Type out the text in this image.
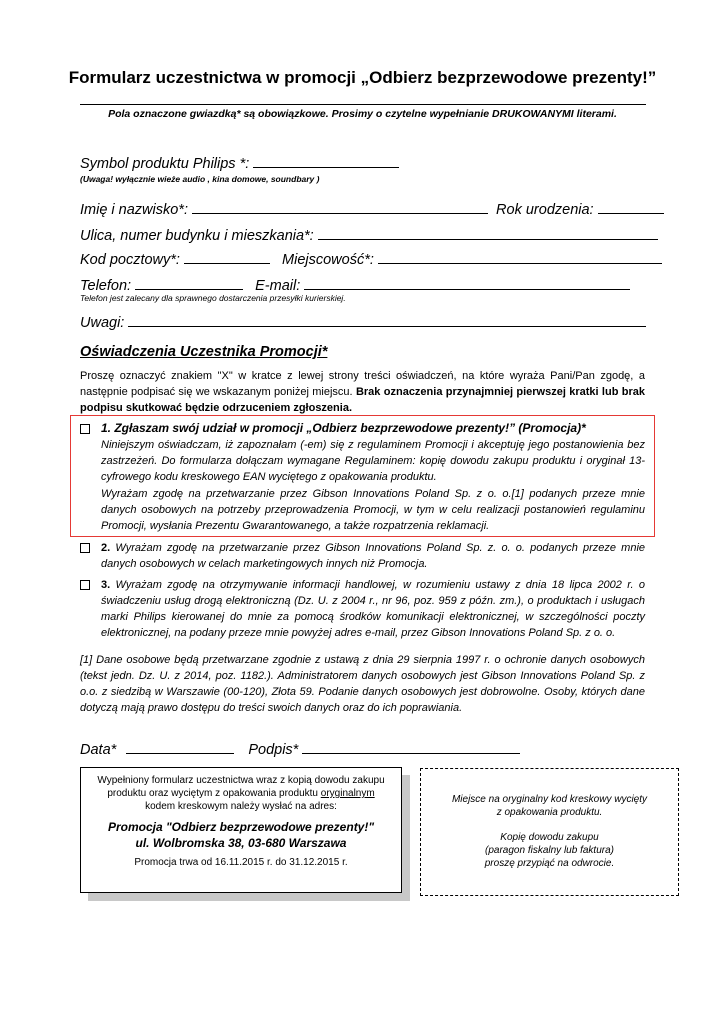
Formularz uczestnictwa w promocji „Odbierz bezprzewodowe prezenty!”
Pola oznaczone gwiazdką* są obowiązkowe. Prosimy o czytelne wypełnianie DRUKOWANYMI literami.
Symbol produktu Philips *:
(Uwaga! wyłącznie wieże audio , kina domowe, soundbary )
Imię i nazwisko*:	Rok urodzenia:
Ulica, numer budynku i mieszkania*:
Kod pocztowy*:	Miejscowość*:
Telefon:	E-mail:
Telefon jest zalecany dla sprawnego dostarczenia przesyłki kurierskiej.
Uwagi:
Oświadczenia Uczestnika Promocji*
Proszę oznaczyć znakiem "X" w kratce z lewej strony treści oświadczeń, na które wyraża Pani/Pan zgodę, a następnie podpisać się we wskazanym poniżej miejscu. Brak oznaczenia przynajmniej pierwszej kratki lub brak podpisu skutkować będzie odrzuceniem zgłoszenia.
1. Zgłaszam swój udział w promocji „Odbierz bezprzewodowe prezenty!” (Promocja)*
Niniejszym oświadczam, iż zapoznałam (-em) się z regulaminem Promocji i akceptuję jego postanowienia bez zastrzeżeń. Do formularza dołączam wymagane Regulaminem: kopię dowodu zakupu produktu i oryginał 13-cyfrowego kodu kreskowego EAN wyciętego z opakowania produktu.
Wyrażam zgodę na przetwarzanie przez Gibson Innovations Poland Sp. z o. o.[1] podanych przeze mnie danych osobowych na potrzeby przeprowadzenia Promocji, w tym w celu realizacji postanowień regulaminu Promocji, wysłania Prezentu Gwarantowanego, a także rozpatrzenia reklamacji.
2. Wyrażam zgodę na przetwarzanie przez Gibson Innovations Poland Sp. z. o. o. podanych przeze mnie danych osobowych w celach marketingowych innych niż Promocja.
3. Wyrażam zgodę na otrzymywanie informacji handlowej, w rozumieniu ustawy z dnia 18 lipca 2002 r. o świadczeniu usług drogą elektroniczną (Dz. U. z 2004 r., nr 96, poz. 959 z późn. zm.), o produktach i usługach marki Philips kierowanej do mnie za pomocą środków komunikacji elektronicznej, w szczególności poczty elektronicznej, na podany przeze mnie powyżej adres e-mail, przez Gibson Innovations Poland Sp. z o. o.
[1] Dane osobowe będą przetwarzane zgodnie z ustawą z dnia 29 sierpnia 1997 r. o ochronie danych osobowych (tekst jedn. Dz. U. z 2014, poz. 1182.). Administratorem danych osobowych jest Gibson Innovations Poland Sp. z o.o. z siedzibą w Warszawie (00-120), Złota 59. Podanie danych osobowych jest dobrowolne. Osoby, których dane dotyczą mają prawo dostępu do treści swoich danych oraz do ich poprawiania.
Data*	Podpis*
Wypełniony formularz uczestnictwa wraz z kopią dowodu zakupu
produktu oraz wyciętym z opakowania produktu oryginalnym
kodem kreskowym należy wysłać na adres:
Promocja "Odbierz bezprzewodowe prezenty!"
ul. Wolbromska 38, 03-680 Warszawa
Promocja trwa od 16.11.2015 r. do 31.12.2015 r.
Miejsce na oryginalny kod kreskowy wycięty
z opakowania produktu.
Kopię dowodu zakupu
(paragon fiskalny lub faktura)
proszę przypiąć na odwrocie.
